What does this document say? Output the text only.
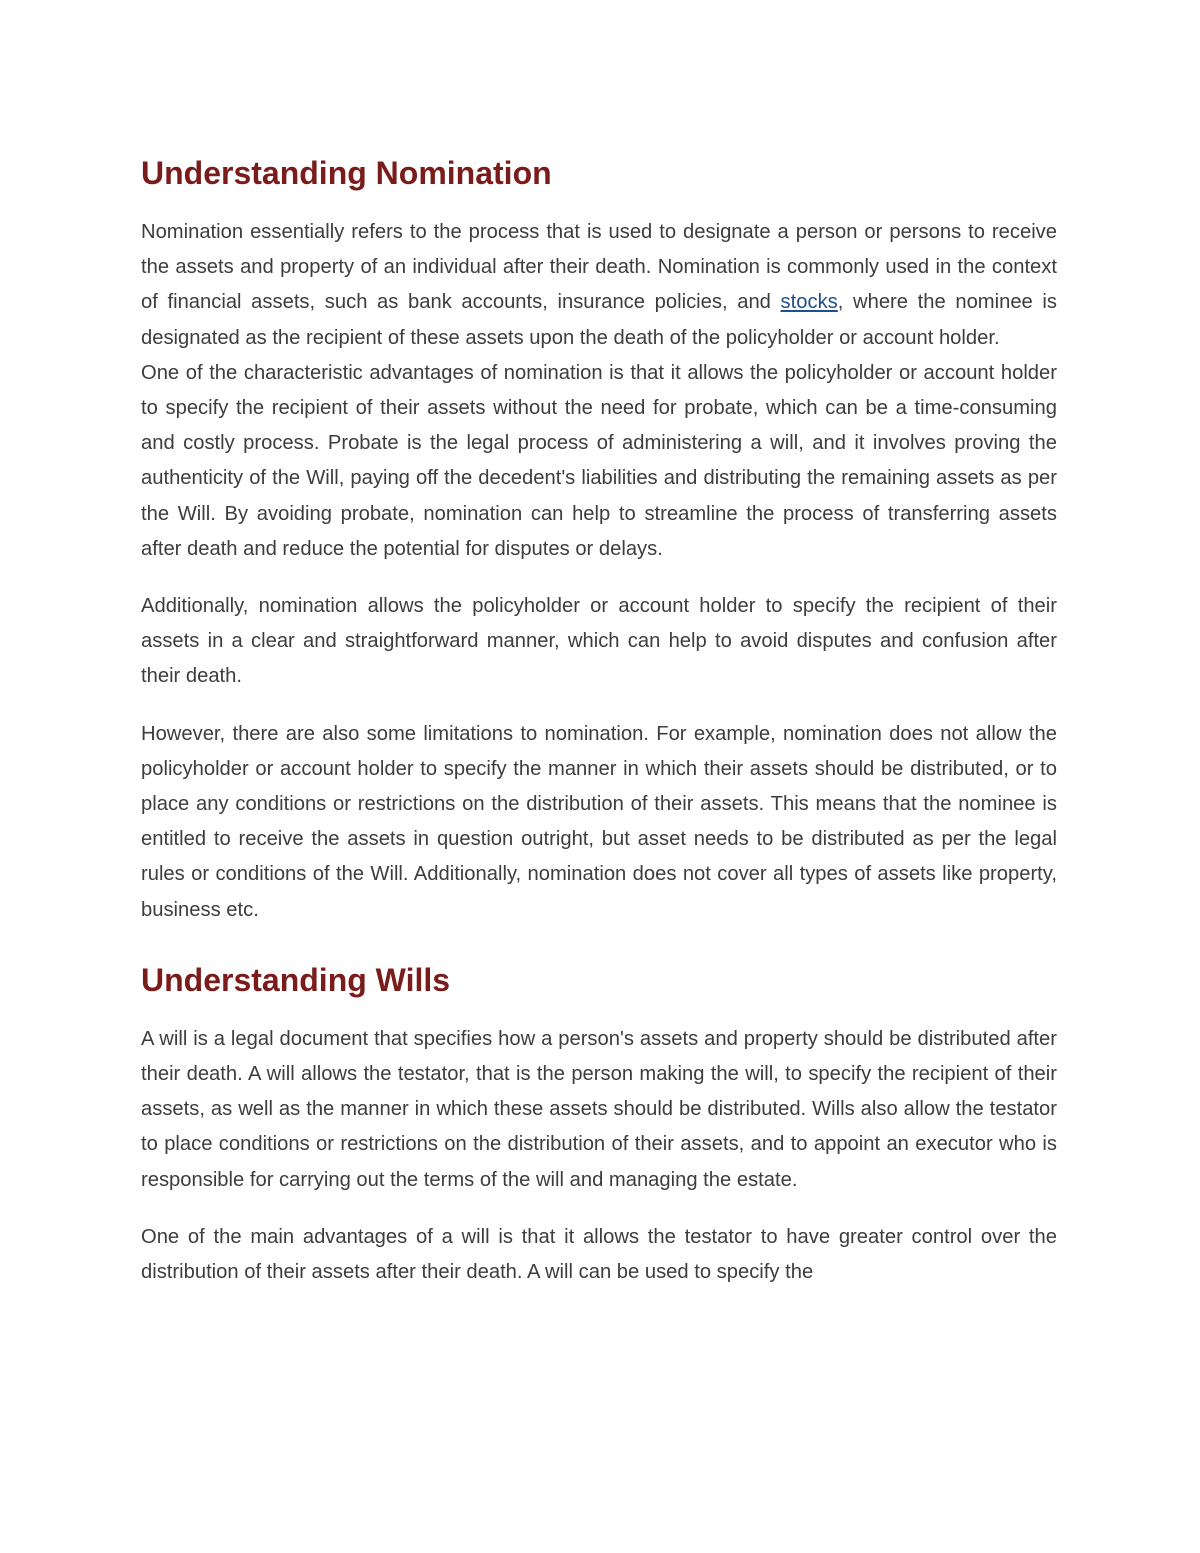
Understanding Nomination

Nomination essentially refers to the process that is used to designate a person or persons to receive the assets and property of an individual after their death. Nomination is commonly used in the context of financial assets, such as bank accounts, insurance policies, and stocks, where the nominee is designated as the recipient of these assets upon the death of the policyholder or account holder.

One of the characteristic advantages of nomination is that it allows the policyholder or account holder to specify the recipient of their assets without the need for probate, which can be a time-consuming and costly process. Probate is the legal process of administering a will, and it involves proving the authenticity of the Will, paying off the decedent's liabilities and distributing the remaining assets as per the Will. By avoiding probate, nomination can help to streamline the process of transferring assets after death and reduce the potential for disputes or delays.

Additionally, nomination allows the policyholder or account holder to specify the recipient of their assets in a clear and straightforward manner, which can help to avoid disputes and confusion after their death.

However, there are also some limitations to nomination. For example, nomination does not allow the policyholder or account holder to specify the manner in which their assets should be distributed, or to place any conditions or restrictions on the distribution of their assets. This means that the nominee is entitled to receive the assets in question outright, but asset needs to be distributed as per the legal rules or conditions of the Will. Additionally, nomination does not cover all types of assets like property, business etc.

Understanding Wills

A will is a legal document that specifies how a person's assets and property should be distributed after their death. A will allows the testator, that is the person making the will, to specify the recipient of their assets, as well as the manner in which these assets should be distributed. Wills also allow the testator to place conditions or restrictions on the distribution of their assets, and to appoint an executor who is responsible for carrying out the terms of the will and managing the estate.

One of the main advantages of a will is that it allows the testator to have greater control over the distribution of their assets after their death. A will can be used to specify the
